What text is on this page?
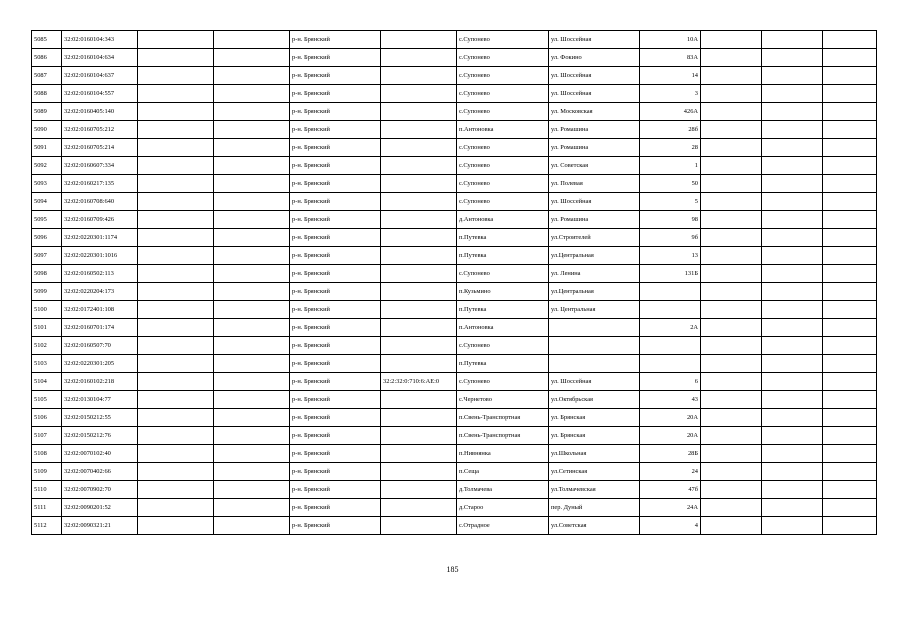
5085	32:02:0160104:343			р-н. Брянский		с.Супонево	ул. Шоссейная	10А			
5086	32:02:0160104:634			р-н. Брянский		с.Супонево	ул. Фокино	83А			
5087	32:02:0160104:637			р-н. Брянский		с.Супонево	ул. Шоссейная	14			
5088	32:02:0160104:557			р-н. Брянский		с.Супонево	ул. Шоссейная	3			
5089	32:02:0160405:140			р-н. Брянский		с.Супонево	ул. Московская	426А			
5090	32:02:0160705:212			р-н. Брянский		п.Антоновка	ул. Ромашина	28б			
5091	32:02:0160705:214			р-н. Брянский		с.Супонево	ул. Ромашина	28			
5092	32:02:0160607:334			р-н. Брянский		с.Супонево	ул. Советская	1			
5093	32:02:0160217:135			р-н. Брянский		с.Супонево	ул. Полевая	50			
5094	32:02:0160708:640			р-н. Брянский		с.Супонево	ул. Шоссейная	5			
5095	32:02:0160709:426			р-н. Брянский		д.Антоновка	ул. Ромашина	98			
5096	32:02:0220301:1174			р-н. Брянский		п.Путевка	ул.Строителей	9б			
5097	32:02:0220301:1016			р-н. Брянский		п.Путевка	ул.Центральная	13			
5098	32:02:0160502:113			р-н. Брянский		с.Супонево	ул. Ленина	131Б			
5099	32:02:0220204:173			р-н. Брянский		п.Кузьмино	ул.Центральная				
5100	32:02:0172401:108			р-н. Брянский		п.Путевка	ул. Центральная				
5101	32:02:0160701:174			р-н. Брянский		п.Антоновка		2А			
5102	32:02:0160507:70			р-н. Брянский		с.Супонево					
5103	32:02:0220301:205			р-н. Брянский		п.Путевка					
5104	32:02:0160102:218			р-н. Брянский	32:2:32:0:710:6:АЕ:0	с.Супонево	ул. Шоссейная	6			
5105	32:02:0130104:77			р-н. Брянский		с.Чернетово	ул.Октябрьская	43			
5106	32:02:0150212:55			р-н. Брянский		п.Свень-Транспортная	ул. Брянская	20А			
5107	32:02:0150212:76			р-н. Брянский		п.Свень-Транспортная	ул. Брянская	20А			
5108	32:02:0070102:40			р-н. Брянский		п.Нивнянка	ул.Школьная	28Б			
5109	32:02:0070402:66			р-н. Брянский		п.Сеща	ул.Сетинская	24			
5110	32:02:0070902:70			р-н. Брянский		д.Толмачева	ул.Толмачевская	47б			
5111	32:02:0090201:52			р-н. Брянский		д.Староо	пер. Дуный	24А			
5112	32:02:0090321:21			р-н. Брянский		с.Отрадное	ул.Советская	4			
185
